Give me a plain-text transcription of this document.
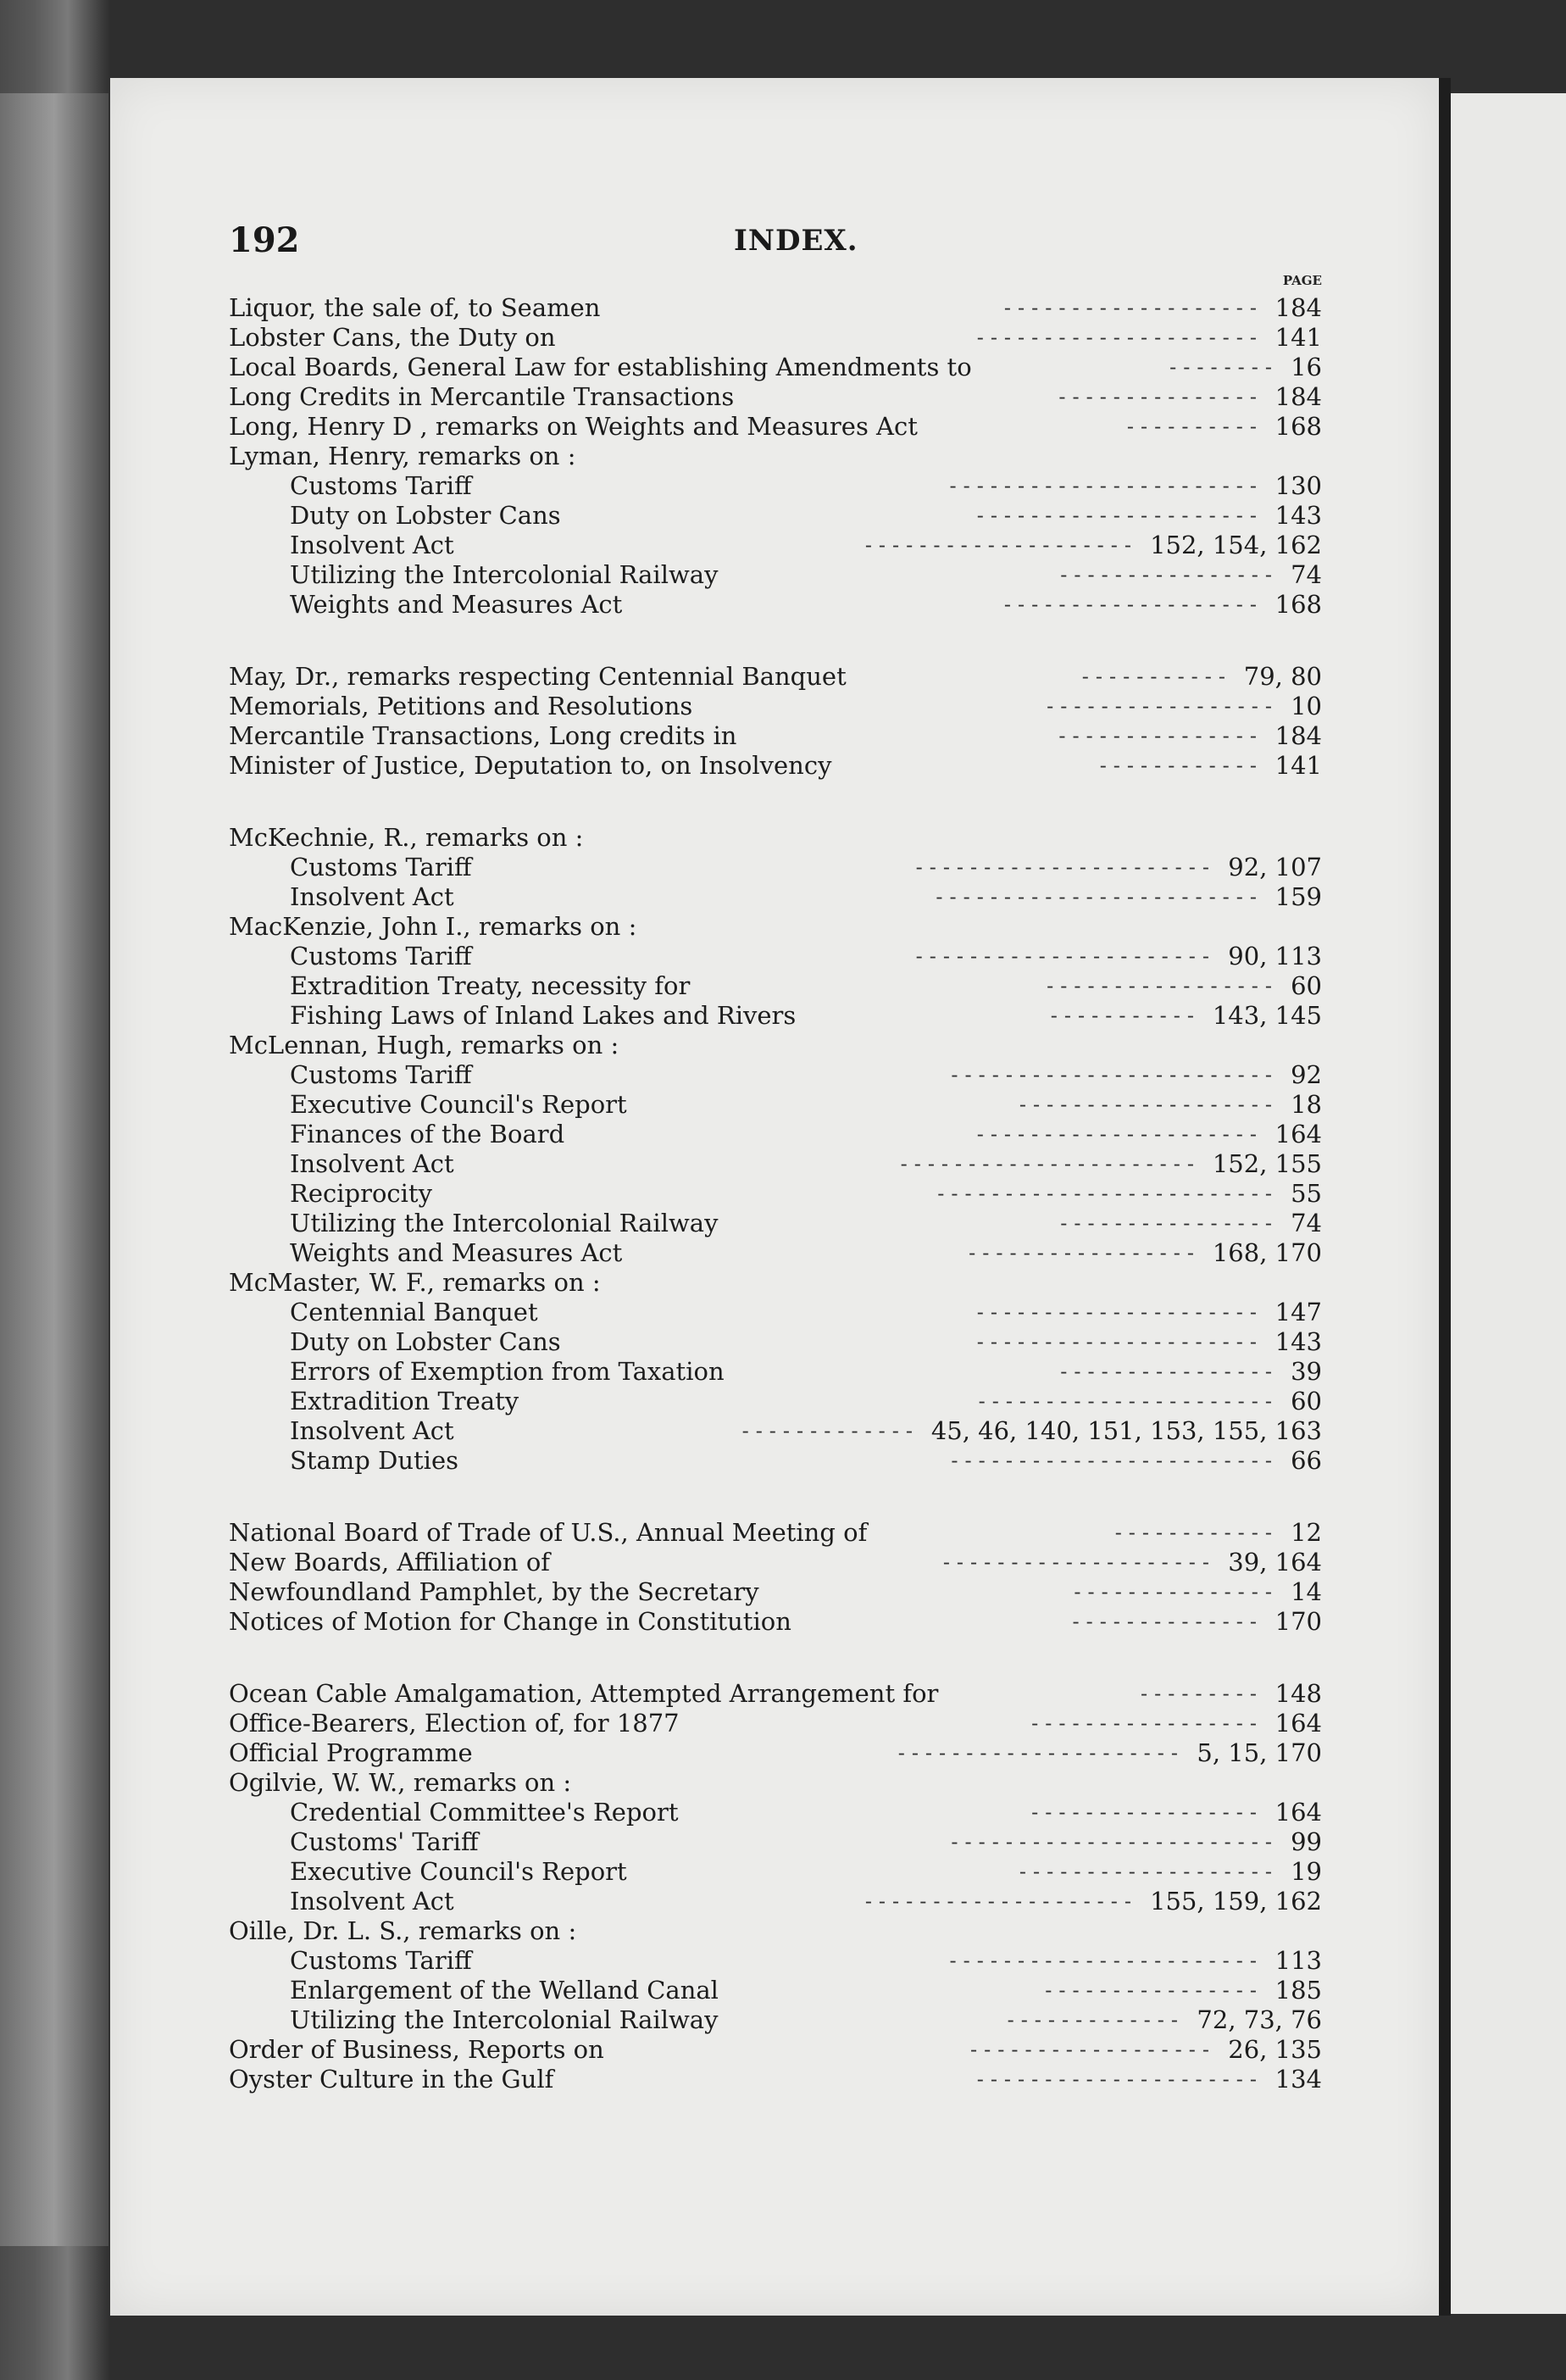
192	INDEX.
PAGE
Liquor, the sale of, to Seamen	------------------- 184
Lobster Cans, the Duty on	--------------------- 141
Local Boards, General Law for establishing Amendments to	-------- 16
Long Credits in Mercantile Transactions	--------------- 184
Long, Henry D , remarks on Weights and Measures Act	---------- 168
Lyman, Henry, remarks on :
Customs Tariff	----------------------- 130
Duty on Lobster Cans	--------------------- 143
Insolvent Act	-------------------- 152, 154, 162
Utilizing the Intercolonial Railway	---------------- 74
Weights and Measures Act	------------------- 168
May, Dr., remarks respecting Centennial Banquet	----------- 79, 80
Memorials, Petitions and Resolutions	----------------- 10
Mercantile Transactions, Long credits in	--------------- 184
Minister of Justice, Deputation to, on Insolvency	------------ 141
McKechnie, R., remarks on :
Customs Tariff	---------------------- 92, 107
Insolvent Act	------------------------ 159
MacKenzie, John I., remarks on :
Customs Tariff	---------------------- 90, 113
Extradition Treaty, necessity for	----------------- 60
Fishing Laws of Inland Lakes and Rivers	----------- 143, 145
McLennan, Hugh, remarks on :
Customs Tariff	------------------------ 92
Executive Council's Report	------------------- 18
Finances of the Board	--------------------- 164
Insolvent Act	---------------------- 152, 155
Reciprocity	------------------------- 55
Utilizing the Intercolonial Railway	---------------- 74
Weights and Measures Act	----------------- 168, 170
McMaster, W. F., remarks on :
Centennial Banquet	--------------------- 147
Duty on Lobster Cans	--------------------- 143
Errors of Exemption from Taxation	---------------- 39
Extradition Treaty	---------------------- 60
Insolvent Act	------------- 45, 46, 140, 151, 153, 155, 163
Stamp Duties	------------------------ 66
National Board of Trade of U.S., Annual Meeting of	------------ 12
New Boards, Affiliation of	-------------------- 39, 164
Newfoundland Pamphlet, by the Secretary	--------------- 14
Notices of Motion for Change in Constitution	-------------- 170
Ocean Cable Amalgamation, Attempted Arrangement for	--------- 148
Office-Bearers, Election of, for 1877	----------------- 164
Official Programme	--------------------- 5, 15, 170
Ogilvie, W. W., remarks on :
Credential Committee's Report	----------------- 164
Customs' Tariff	------------------------ 99
Executive Council's Report	------------------- 19
Insolvent Act	-------------------- 155, 159, 162
Oille, Dr. L. S., remarks on :
Customs Tariff	----------------------- 113
Enlargement of the Welland Canal	---------------- 185
Utilizing the Intercolonial Railway	------------- 72, 73, 76
Order of Business, Reports on	------------------ 26, 135
Oyster Culture in the Gulf	--------------------- 134
